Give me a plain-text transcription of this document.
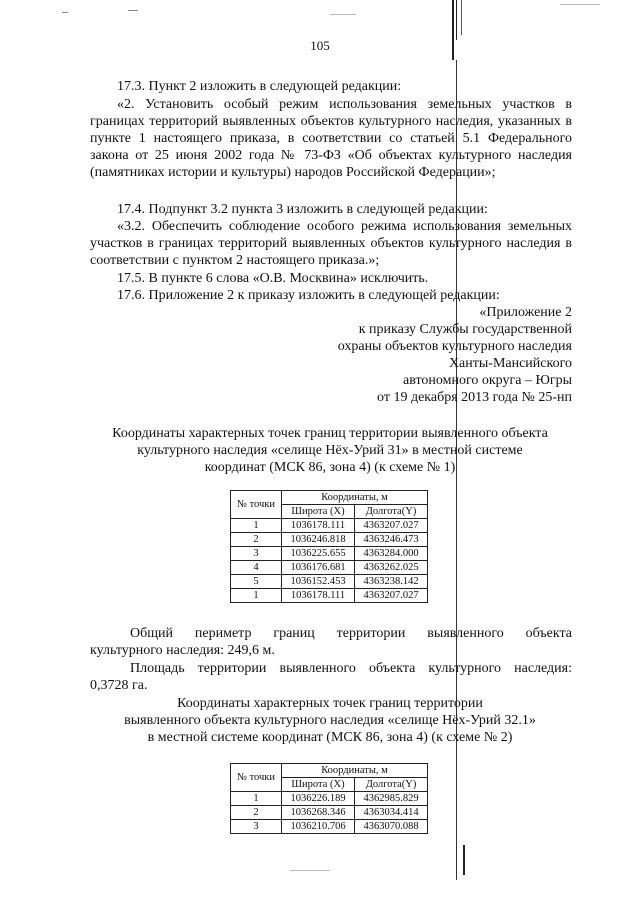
105

17.3. Пункт 2 изложить в следующей редакции:

«2. Установить особый режим использования земельных участков в границах территорий выявленных объектов культурного наследия, указанных в пункте 1 настоящего приказа, в соответствии со статьей 5.1 Федерального закона от 25 июня 2002 года № 73-ФЗ «Об объектах культурного наследия (памятниках истории и культуры) народов Российской Федерации»;

17.4. Подпункт 3.2 пункта 3 изложить в следующей редакции:

«3.2. Обеспечить соблюдение особого режима использования земельных участков в границах территорий выявленных объектов культурного наследия в соответствии с пунктом 2 настоящего приказа.»;

17.5. В пункте 6 слова «О.В. Москвина» исключить.

17.6. Приложение 2 к приказу изложить в следующей редакции:

«Приложение 2

к приказу Службы государственной

охраны объектов культурного наследия

Ханты-Мансийского

автономного округа – Югры

от 19 декабря 2013 года № 25-нп

Координаты характерных точек границ территории выявленного объекта

культурного наследия «селище Нёх-Урий 31» в местной системе

координат (МСК 86, зона 4) (к схеме № 1)

№ точки	Координаты, м	
	Широта (Х)	Долгота(Y)
1	1036178.111	4363207.027
2	1036246.818	4363246.473
3	1036225.655	4363284.000
4	1036176.681	4363262.025
5	1036152.453	4363238.142
1	1036178.111	4363207.027

Общий периметр границ территории выявленного объекта

культурного наследия: 249,6 м.

Площадь территории выявленного объекта культурного наследия:

0,3728 га.

Координаты характерных точек границ территории

выявленного объекта культурного наследия «селище Нёх-Урий 32.1»

в местной системе координат (МСК 86, зона 4) (к схеме № 2)

№ точки	Координаты, м	
	Широта (Х)	Долгота(Y)
1	1036226.189	4362985.829
2	1036268.346	4363034.414
3	1036210.706	4363070.088
